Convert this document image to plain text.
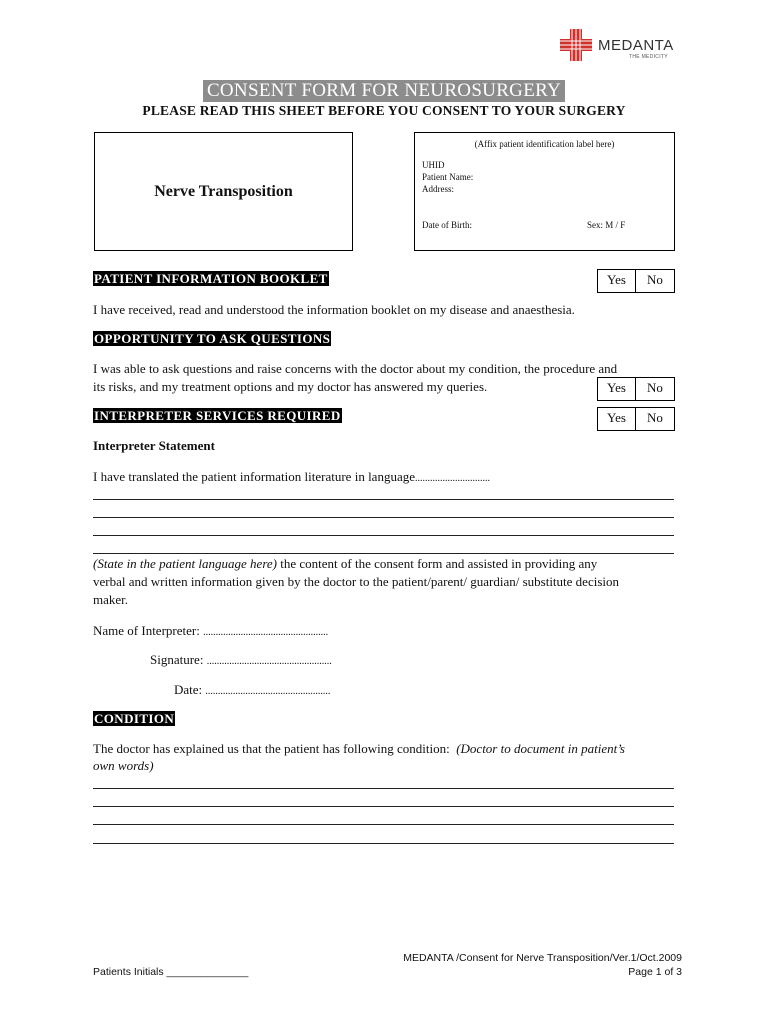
MEDANTA
THE MEDICITY
CONSENT FORM FOR NEUROSURGERY
PLEASE READ THIS SHEET BEFORE YOU CONSENT TO YOUR SURGERY
Nerve Transposition
(Affix patient identification label here)
UHID
Patient Name:
Address:
Date of Birth:	Sex: M / F
PATIENT INFORMATION BOOKLET	Yes	No
I have received, read and understood the information booklet on my disease and anaesthesia.
OPPORTUNITY TO ASK QUESTIONS
I was able to ask questions and raise concerns with the doctor about my condition, the procedure and
its risks, and my treatment options and my doctor has answered my queries.	Yes	No
INTERPRETER SERVICES REQUIRED	Yes	No
Interpreter Statement
I have translated the patient information literature in language..............................
(State in the patient language here) the content of the consent form and assisted in providing any
verbal and written information given by the doctor to the patient/parent/ guardian/ substitute decision
maker.
Name of Interpreter: ..................................................
Signature: ..................................................
Date: ..................................................
CONDITION
The doctor has explained us that the patient has following condition: (Doctor to document in patient’s
own words)
MEDANTA /Consent for Nerve Transposition/Ver.1/Oct.2009
Patients Initials ______________	Page 1 of 3
